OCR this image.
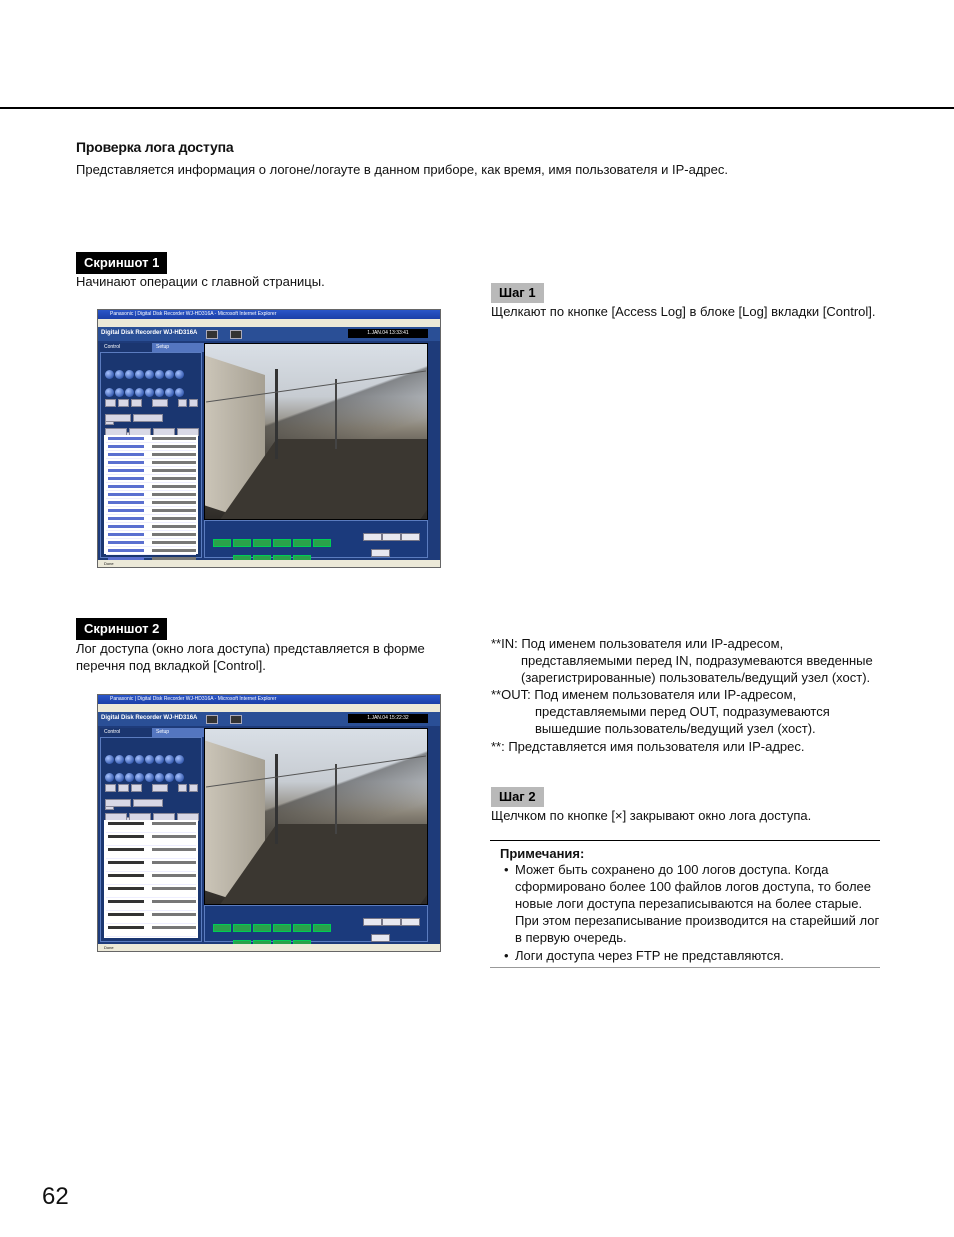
Проверка лога доступа
Представляется информация о логоне/логауте в данном приборе, как время, имя пользователя и IP-адрес.
Скриншот 1
Начинают операции с главной страницы.
Panasonic | Digital Disk Recorder WJ-HD316A - Microsoft Internet Explorer
Digital Disk Recorder WJ-HD316A	1.JAN.04 13:33:41
Control	Setup

Done
Шаг 1
Щелкают по кнопке [Access Log] в блоке [Log] вкладки [Control].
Скриншот 2
Лог доступа (окно лога доступа) представляется в форме
перечня под вкладкой [Control].
Panasonic | Digital Disk Recorder WJ-HD316A - Microsoft Internet Explorer
Digital Disk Recorder WJ-HD316A	1.JAN.04 15:22:32
Control	Setup

Done
**IN: Под именем пользователя или IP-адресом,
представляемыми перед IN, подразумеваются введенные
(зарегистрированные) пользователь/ведущий узел (хост).
**OUT: Под именем пользователя или IP-адресом,
представляемыми перед OUT, подразумеваются
вышедшие пользователь/ведущий узел (хост).
**: Представляется имя пользователя или IP-адрес.
Шаг 2
Щелчком по кнопке [×] закрывают окно лога доступа.
Примечания:
• Может быть сохранено до 100 логов доступа. Когда
сформировано более 100 файлов логов доступа, то более
новые логи доступа перезаписываются на более старые.
При этом перезаписывание производится на старейший лог
в первую очередь.
• Логи доступа через FTP не представляются.
62
